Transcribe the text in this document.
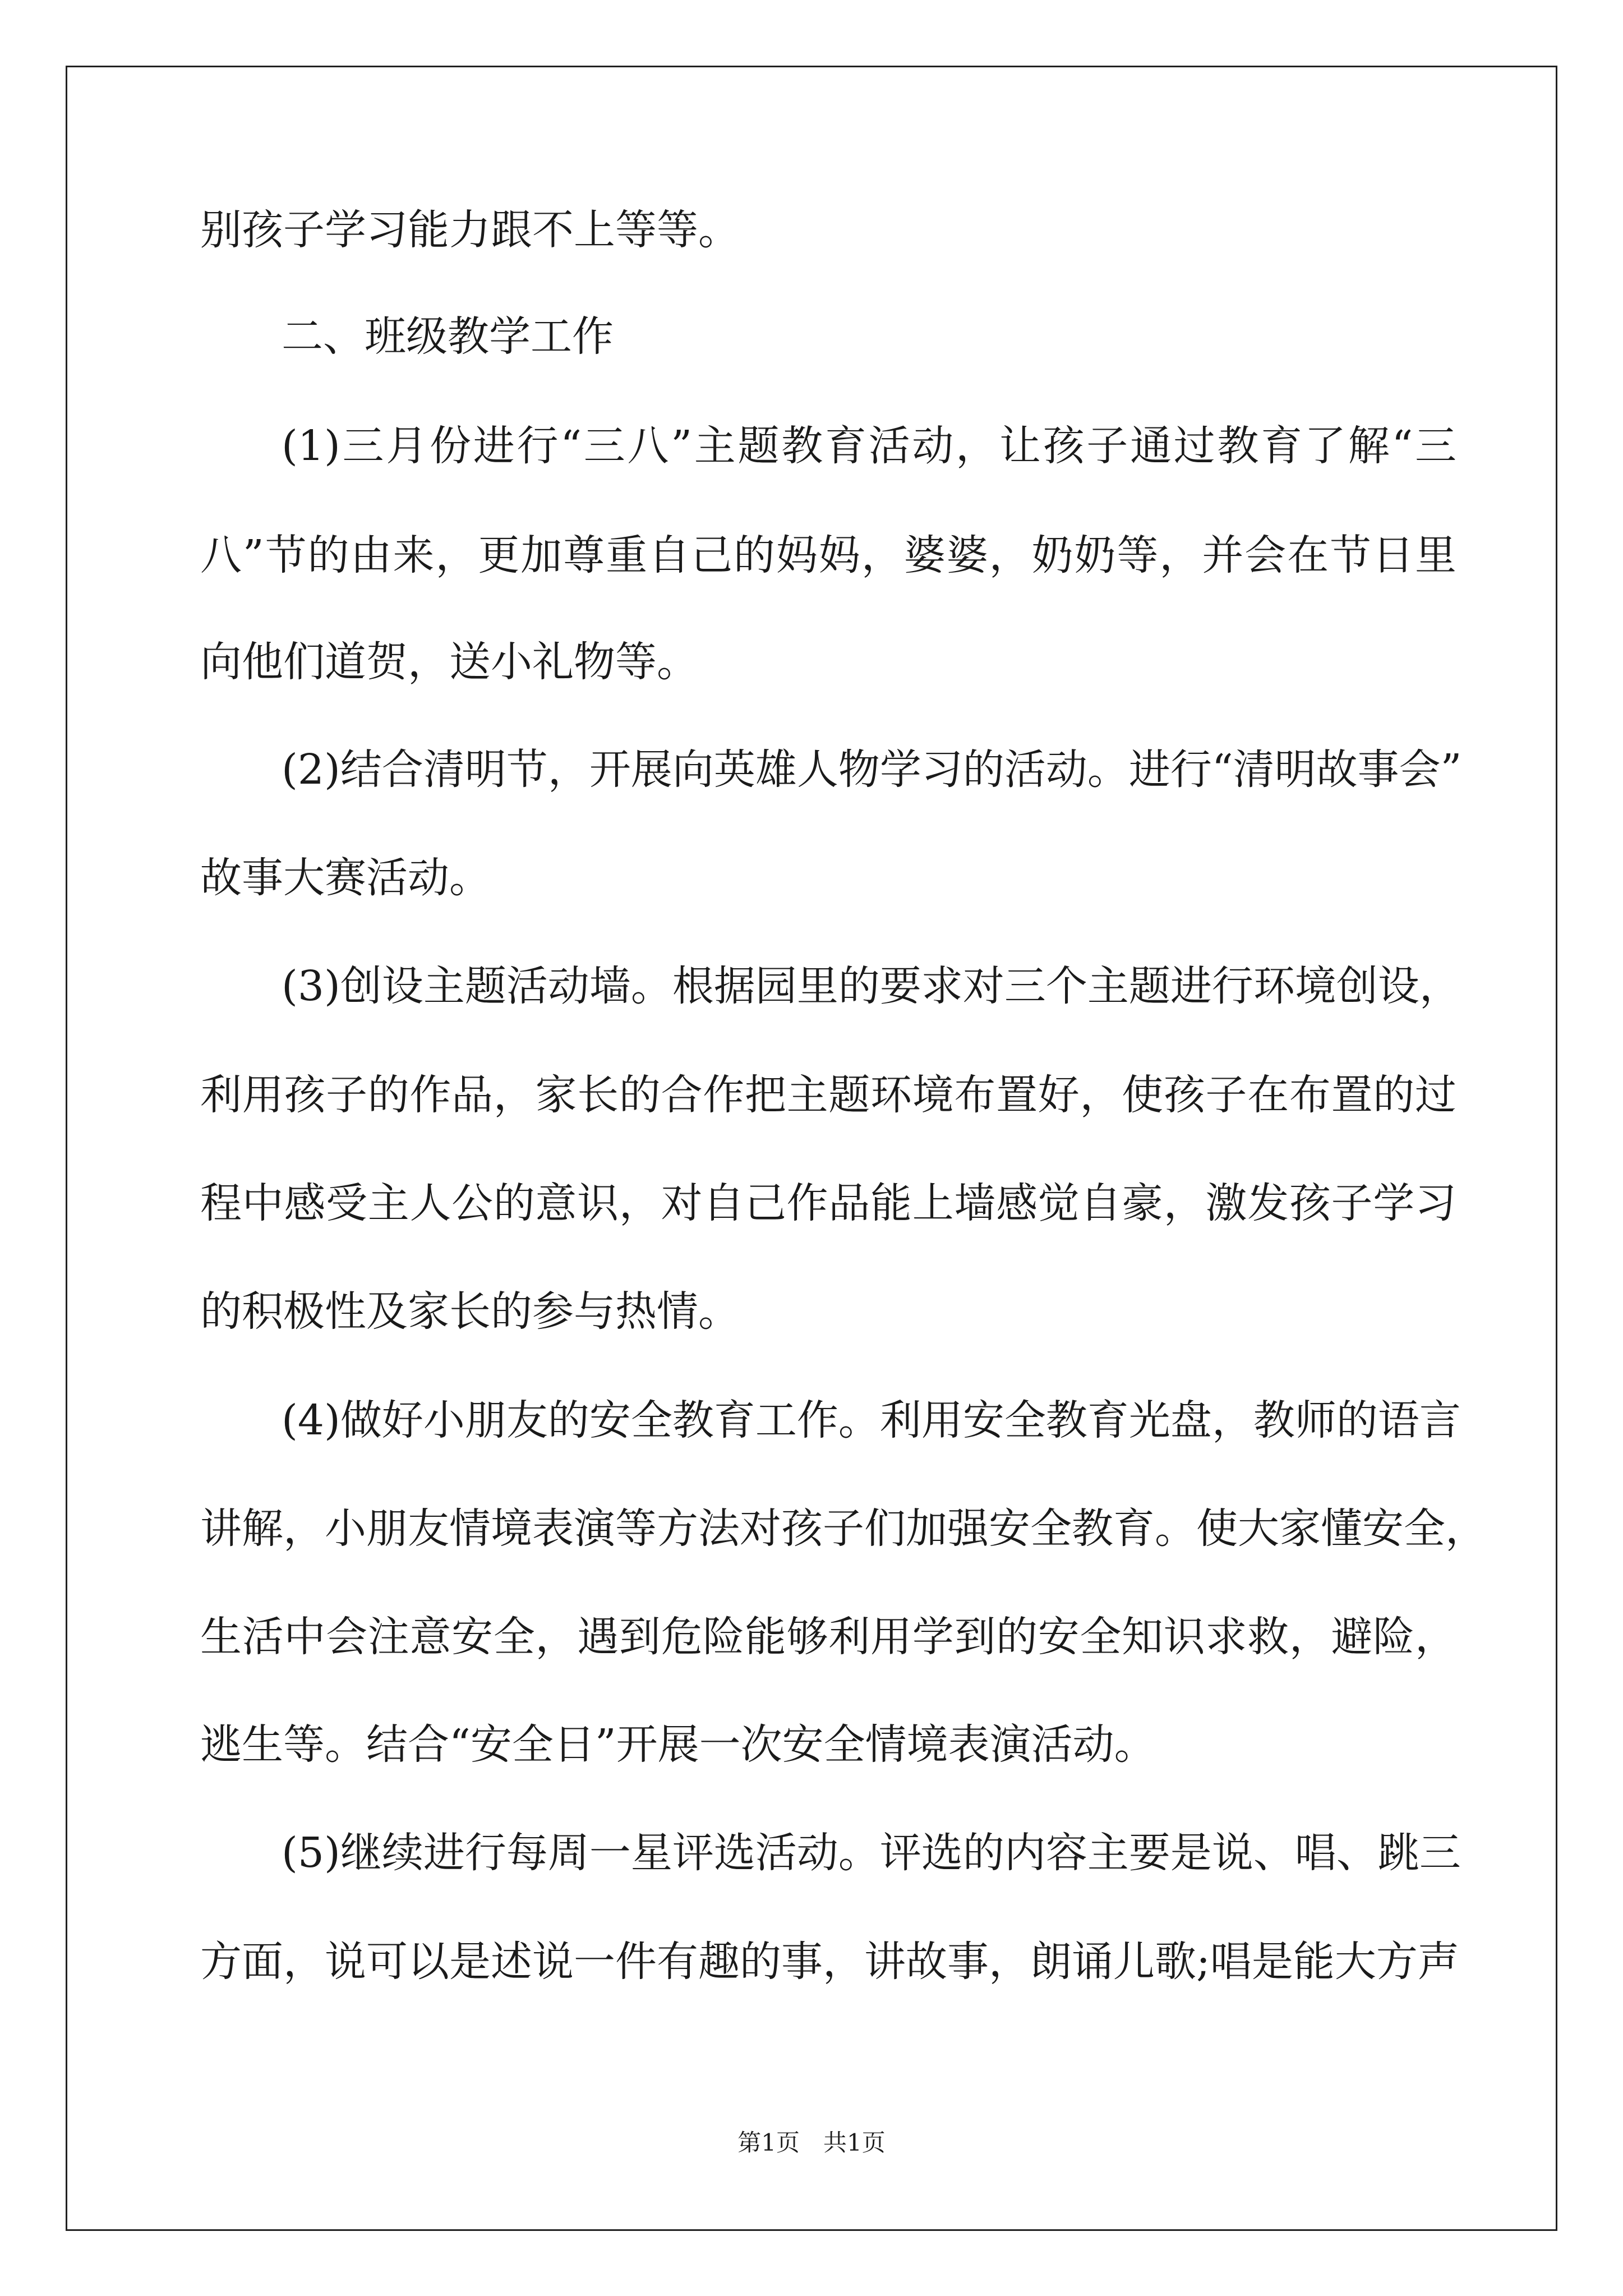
别孩子学习能力跟不上等等。
二、班级教学工作
(1)三月份进行“三八”主题教育活动，让孩子通过教育了解“三
八”节的由来，更加尊重自己的妈妈，婆婆，奶奶等，并会在节日里
向他们道贺，送小礼物等。
(2)结合清明节，开展向英雄人物学习的活动。进行“清明故事会”
故事大赛活动。
(3)创设主题活动墙。根据园里的要求对三个主题进行环境创设，
利用孩子的作品，家长的合作把主题环境布置好，使孩子在布置的过
程中感受主人公的意识，对自己作品能上墙感觉自豪，激发孩子学习
的积极性及家长的参与热情。
(4)做好小朋友的安全教育工作。利用安全教育光盘，教师的语言
讲解，小朋友情境表演等方法对孩子们加强安全教育。使大家懂安全，
生活中会注意安全，遇到危险能够利用学到的安全知识求救，避险，
逃生等。结合“安全日”开展一次安全情境表演活动。
(5)继续进行每周一星评选活动。评选的内容主要是说、唱、跳三
方面，说可以是述说一件有趣的事，讲故事，朗诵儿歌;唱是能大方声
第1页　共1页
